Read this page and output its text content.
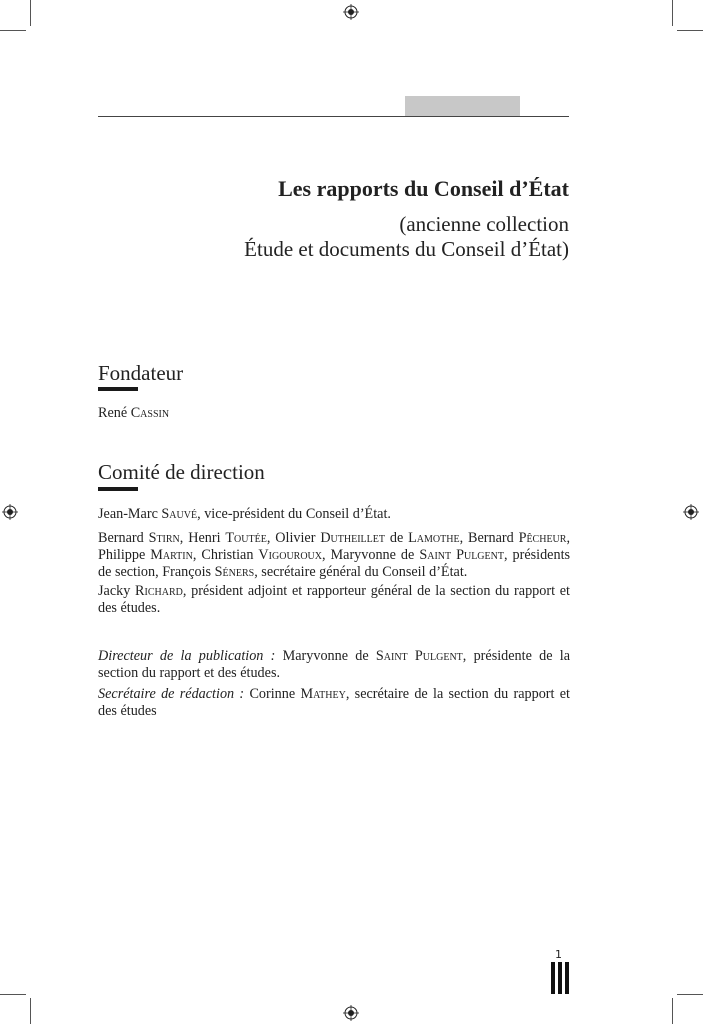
Les rapports du Conseil d’État
(ancienne collection
Étude et documents du Conseil d’État)
Fondateur

René Cassin

Comité de direction

Jean-Marc Sauvé, vice-président du Conseil d’État.

Bernard Stirn, Henri Toutée, Olivier Dutheillet de Lamothe, Bernard Pêcheur, Philippe Martin, Christian Vigouroux, Maryvonne de Saint Pulgent, présidents de section, François Séners, secrétaire général du Conseil d’État.

Jacky Richard, président adjoint et rapporteur général de la section du rapport et des études.

Directeur de la publication : Maryvonne de Saint Pulgent, présidente de la section du rapport et des études.

Secrétaire de rédaction : Corinne Mathey, secrétaire de la section du rapport et des études

1
